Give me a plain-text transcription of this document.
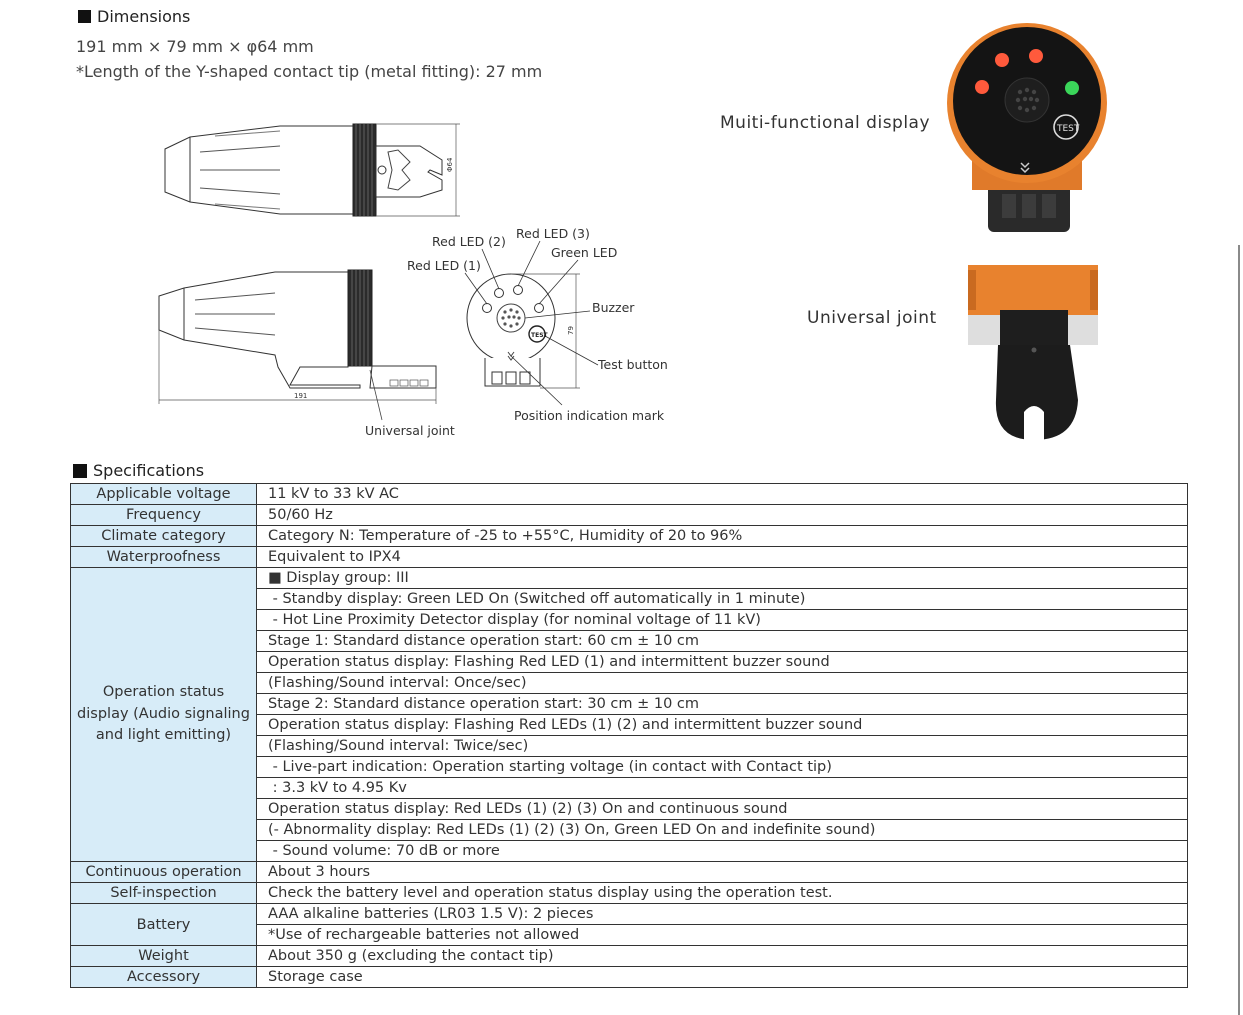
Dimensions
191 mm × 79 mm × φ64 mm
*Length of the Y-shaped contact tip (metal fitting): 27 mm
Φ64
191
TEST
79
Red LED (1)
Red LED (2)
Red LED (3)
Green LED
Buzzer
Test button
Position indication mark
Universal joint
Muiti-functional display	TEST
Universal joint
Specifications
Applicable voltage	11 kV to 33 kV AC
Frequency	50/60 Hz
Climate category	Category N: Temperature of -25 to +55°C, Humidity of 20 to 96%
Waterproofness	Equivalent to IPX4
Operation status display (Audio signaling and light emitting)	■ Display group: III
	- Standby display: Green LED On (Switched off automatically in 1 minute)
	- Hot Line Proximity Detector display (for nominal voltage of 11 kV)
	Stage 1: Standard distance operation start: 60 cm ± 10 cm
	Operation status display: Flashing Red LED (1) and intermittent buzzer sound
	(Flashing/Sound interval: Once/sec)
	Stage 2: Standard distance operation start: 30 cm ± 10 cm
	Operation status display: Flashing Red LEDs (1) (2) and intermittent buzzer sound
	(Flashing/Sound interval: Twice/sec)
	- Live-part indication: Operation starting voltage (in contact with Contact tip)
	: 3.3 kV to 4.95 Kv
	Operation status display: Red LEDs (1) (2) (3) On and continuous sound
	(- Abnormality display: Red LEDs (1) (2) (3) On, Green LED On and indefinite sound)
	- Sound volume: 70 dB or more
Continuous operation	About 3 hours
Self-inspection	Check the battery level and operation status display using the operation test.
Battery	AAA alkaline batteries (LR03 1.5 V): 2 pieces
	*Use of rechargeable batteries not allowed
Weight	About 350 g (excluding the contact tip)
Accessory	Storage case
